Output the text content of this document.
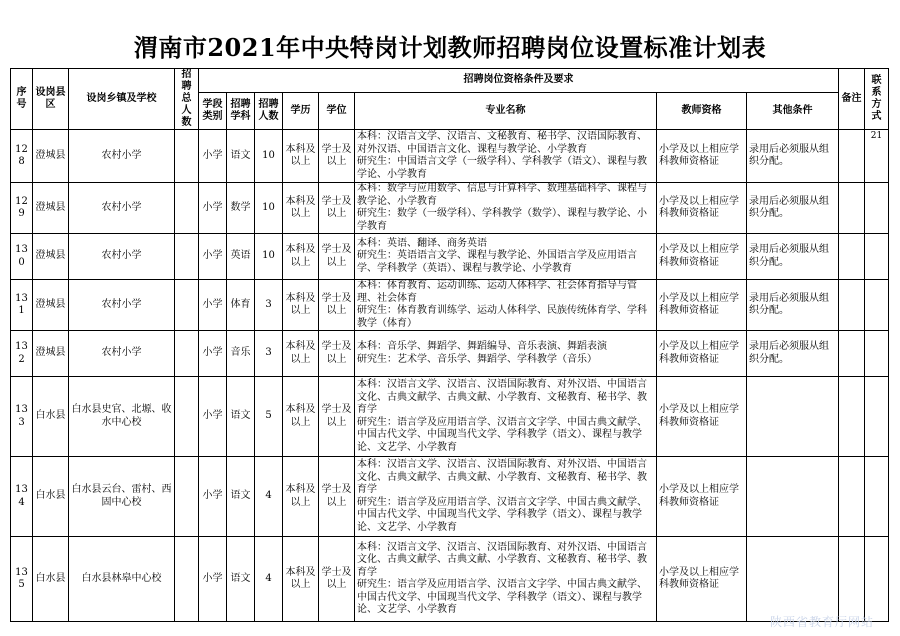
渭南市2021年中央特岗计划教师招聘岗位设置标准计划表
序号	设岗县区	设岗乡镇及学校	招聘总人数	招聘岗位资格条件及要求								备注	联系方式
				学段类别	招聘学科	招聘人数	学历	学位	专业名称	教师资格	其他条件		
128	澄城县	农村小学		小学	语文	10	本科及以上	学士及以上	本科：汉语言文学、汉语言、文秘教育、秘书学、汉语国际教育、对外汉语、中国语言文化、课程与教学论、小学教育
研究生：中国语言文学（一级学科）、学科教学（语文）、课程与教学论、小学教育	小学及以上相应学科教师资格证	录用后必须服从组织分配。		21
129	澄城县	农村小学		小学	数学	10	本科及以上	学士及以上	本科：数学与应用数学、信息与计算科学、数理基础科学、课程与教学论、小学教育
研究生：数学（一级学科）、学科教学（数学）、课程与教学论、小学教育	小学及以上相应学科教师资格证	录用后必须服从组织分配。		
130	澄城县	农村小学		小学	英语	10	本科及以上	学士及以上	本科：英语、翻译、商务英语
研究生：英语语言文学、课程与教学论、外国语言学及应用语言学、学科教学（英语）、课程与教学论、小学教育	小学及以上相应学科教师资格证	录用后必须服从组织分配。		
131	澄城县	农村小学		小学	体育	3	本科及以上	学士及以上	本科：体育教育、运动训练、运动人体科学、社会体育指导与管理、社会体育
研究生：体育教育训练学、运动人体科学、民族传统体育学、学科教学（体育）	小学及以上相应学科教师资格证	录用后必须服从组织分配。		
132	澄城县	农村小学		小学	音乐	3	本科及以上	学士及以上	本科：音乐学、舞蹈学、舞蹈编导、音乐表演、舞蹈表演
研究生：艺术学、音乐学、舞蹈学、学科教学（音乐）	小学及以上相应学科教师资格证	录用后必须服从组织分配。		
133	白水县	白水县史官、北塬、收水中心校		小学	语文	5	本科及以上	学士及以上	本科：汉语言文学、汉语言、汉语国际教育、对外汉语、中国语言文化、古典文献学、古典文献、小学教育、文秘教育、秘书学、教育学
研究生：语言学及应用语言学、汉语言文字学、中国古典文献学、中国古代文学、中国现当代文学、学科教学（语文）、课程与教学论、文艺学、小学教育	小学及以上相应学科教师资格证			
134	白水县	白水县云台、雷村、西固中心校		小学	语文	4	本科及以上	学士及以上	本科：汉语言文学、汉语言、汉语国际教育、对外汉语、中国语言文化、古典文献学、古典文献、小学教育、文秘教育、秘书学、教育学
研究生：语言学及应用语言学、汉语言文字学、中国古典文献学、中国古代文学、中国现当代文学、学科教学（语文）、课程与教学论、文艺学、小学教育	小学及以上相应学科教师资格证			
135	白水县	白水县林皋中心校		小学	语文	4	本科及以上	学士及以上	本科：汉语言文学、汉语言、汉语国际教育、对外汉语、中国语言文化、古典文献学、古典文献、小学教育、文秘教育、秘书学、教育学
研究生：语言学及应用语言学、汉语言文字学、中国古典文献学、中国古代文学、中国现当代文学、学科教学（语文）、课程与教学论、文艺学、小学教育	小学及以上相应学科教师资格证			
陕西省教育厅网站
